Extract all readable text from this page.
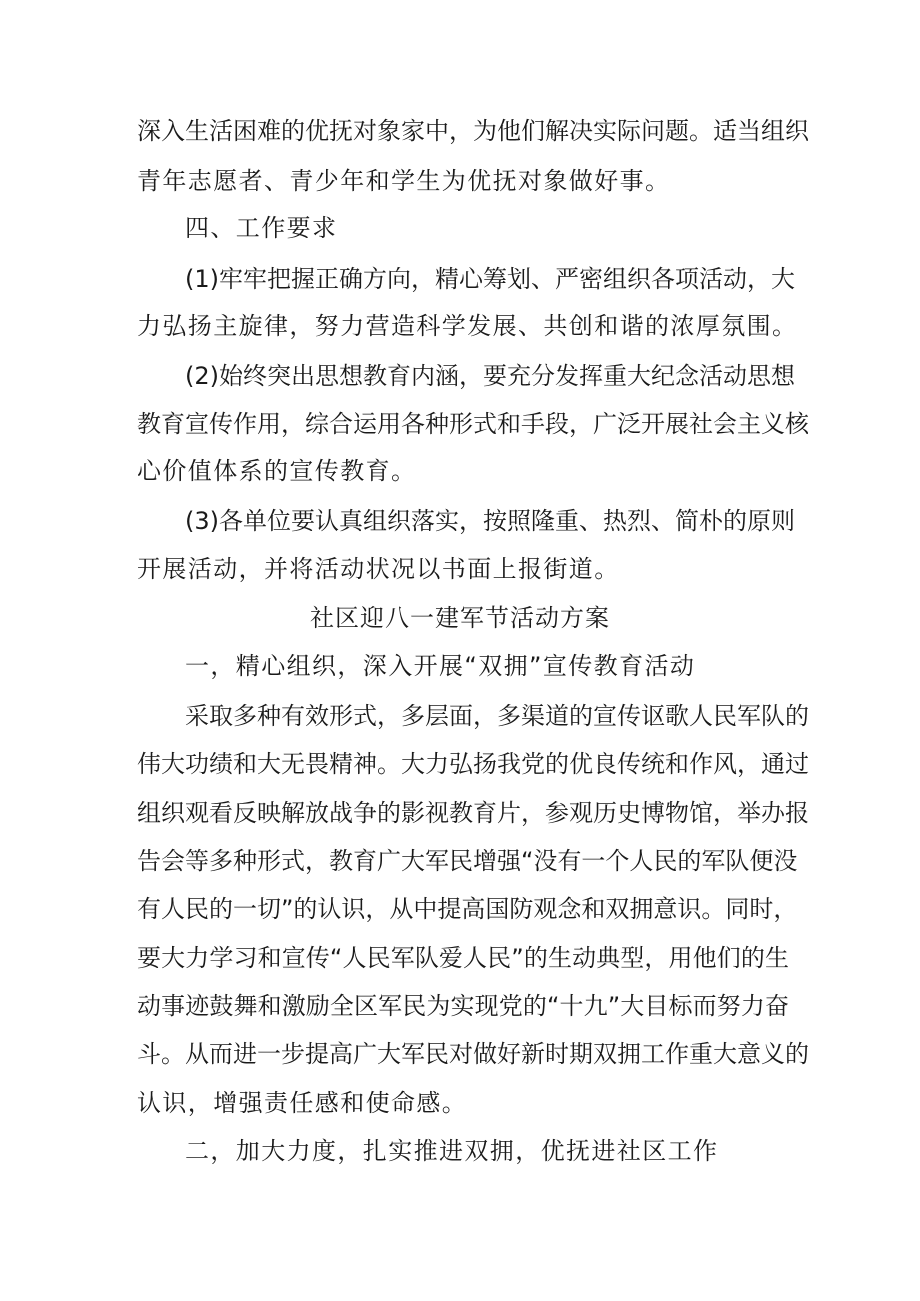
深入生活困难的优抚对象家中，为他们解决实际问题。适当组织
青年志愿者、青少年和学生为优抚对象做好事。
四、工作要求
(1)牢牢把握正确方向，精心筹划、严密组织各项活动，大
力弘扬主旋律，努力营造科学发展、共创和谐的浓厚氛围。
(2)始终突出思想教育内涵，要充分发挥重大纪念活动思想
教育宣传作用，综合运用各种形式和手段，广泛开展社会主义核
心价值体系的宣传教育。
(3)各单位要认真组织落实，按照隆重、热烈、简朴的原则
开展活动，并将活动状况以书面上报街道。
社区迎八一建军节活动方案
一，精心组织，深入开展“双拥”宣传教育活动
采取多种有效形式，多层面，多渠道的宣传讴歌人民军队的
伟大功绩和大无畏精神。大力弘扬我党的优良传统和作风，通过
组织观看反映解放战争的影视教育片，参观历史博物馆，举办报
告会等多种形式，教育广大军民增强“没有一个人民的军队便没
有人民的一切”的认识，从中提高国防观念和双拥意识。同时，
要大力学习和宣传“人民军队爱人民”的生动典型，用他们的生
动事迹鼓舞和激励全区军民为实现党的“十九”大目标而努力奋
斗。从而进一步提高广大军民对做好新时期双拥工作重大意义的
认识，增强责任感和使命感。
二，加大力度，扎实推进双拥，优抚进社区工作
